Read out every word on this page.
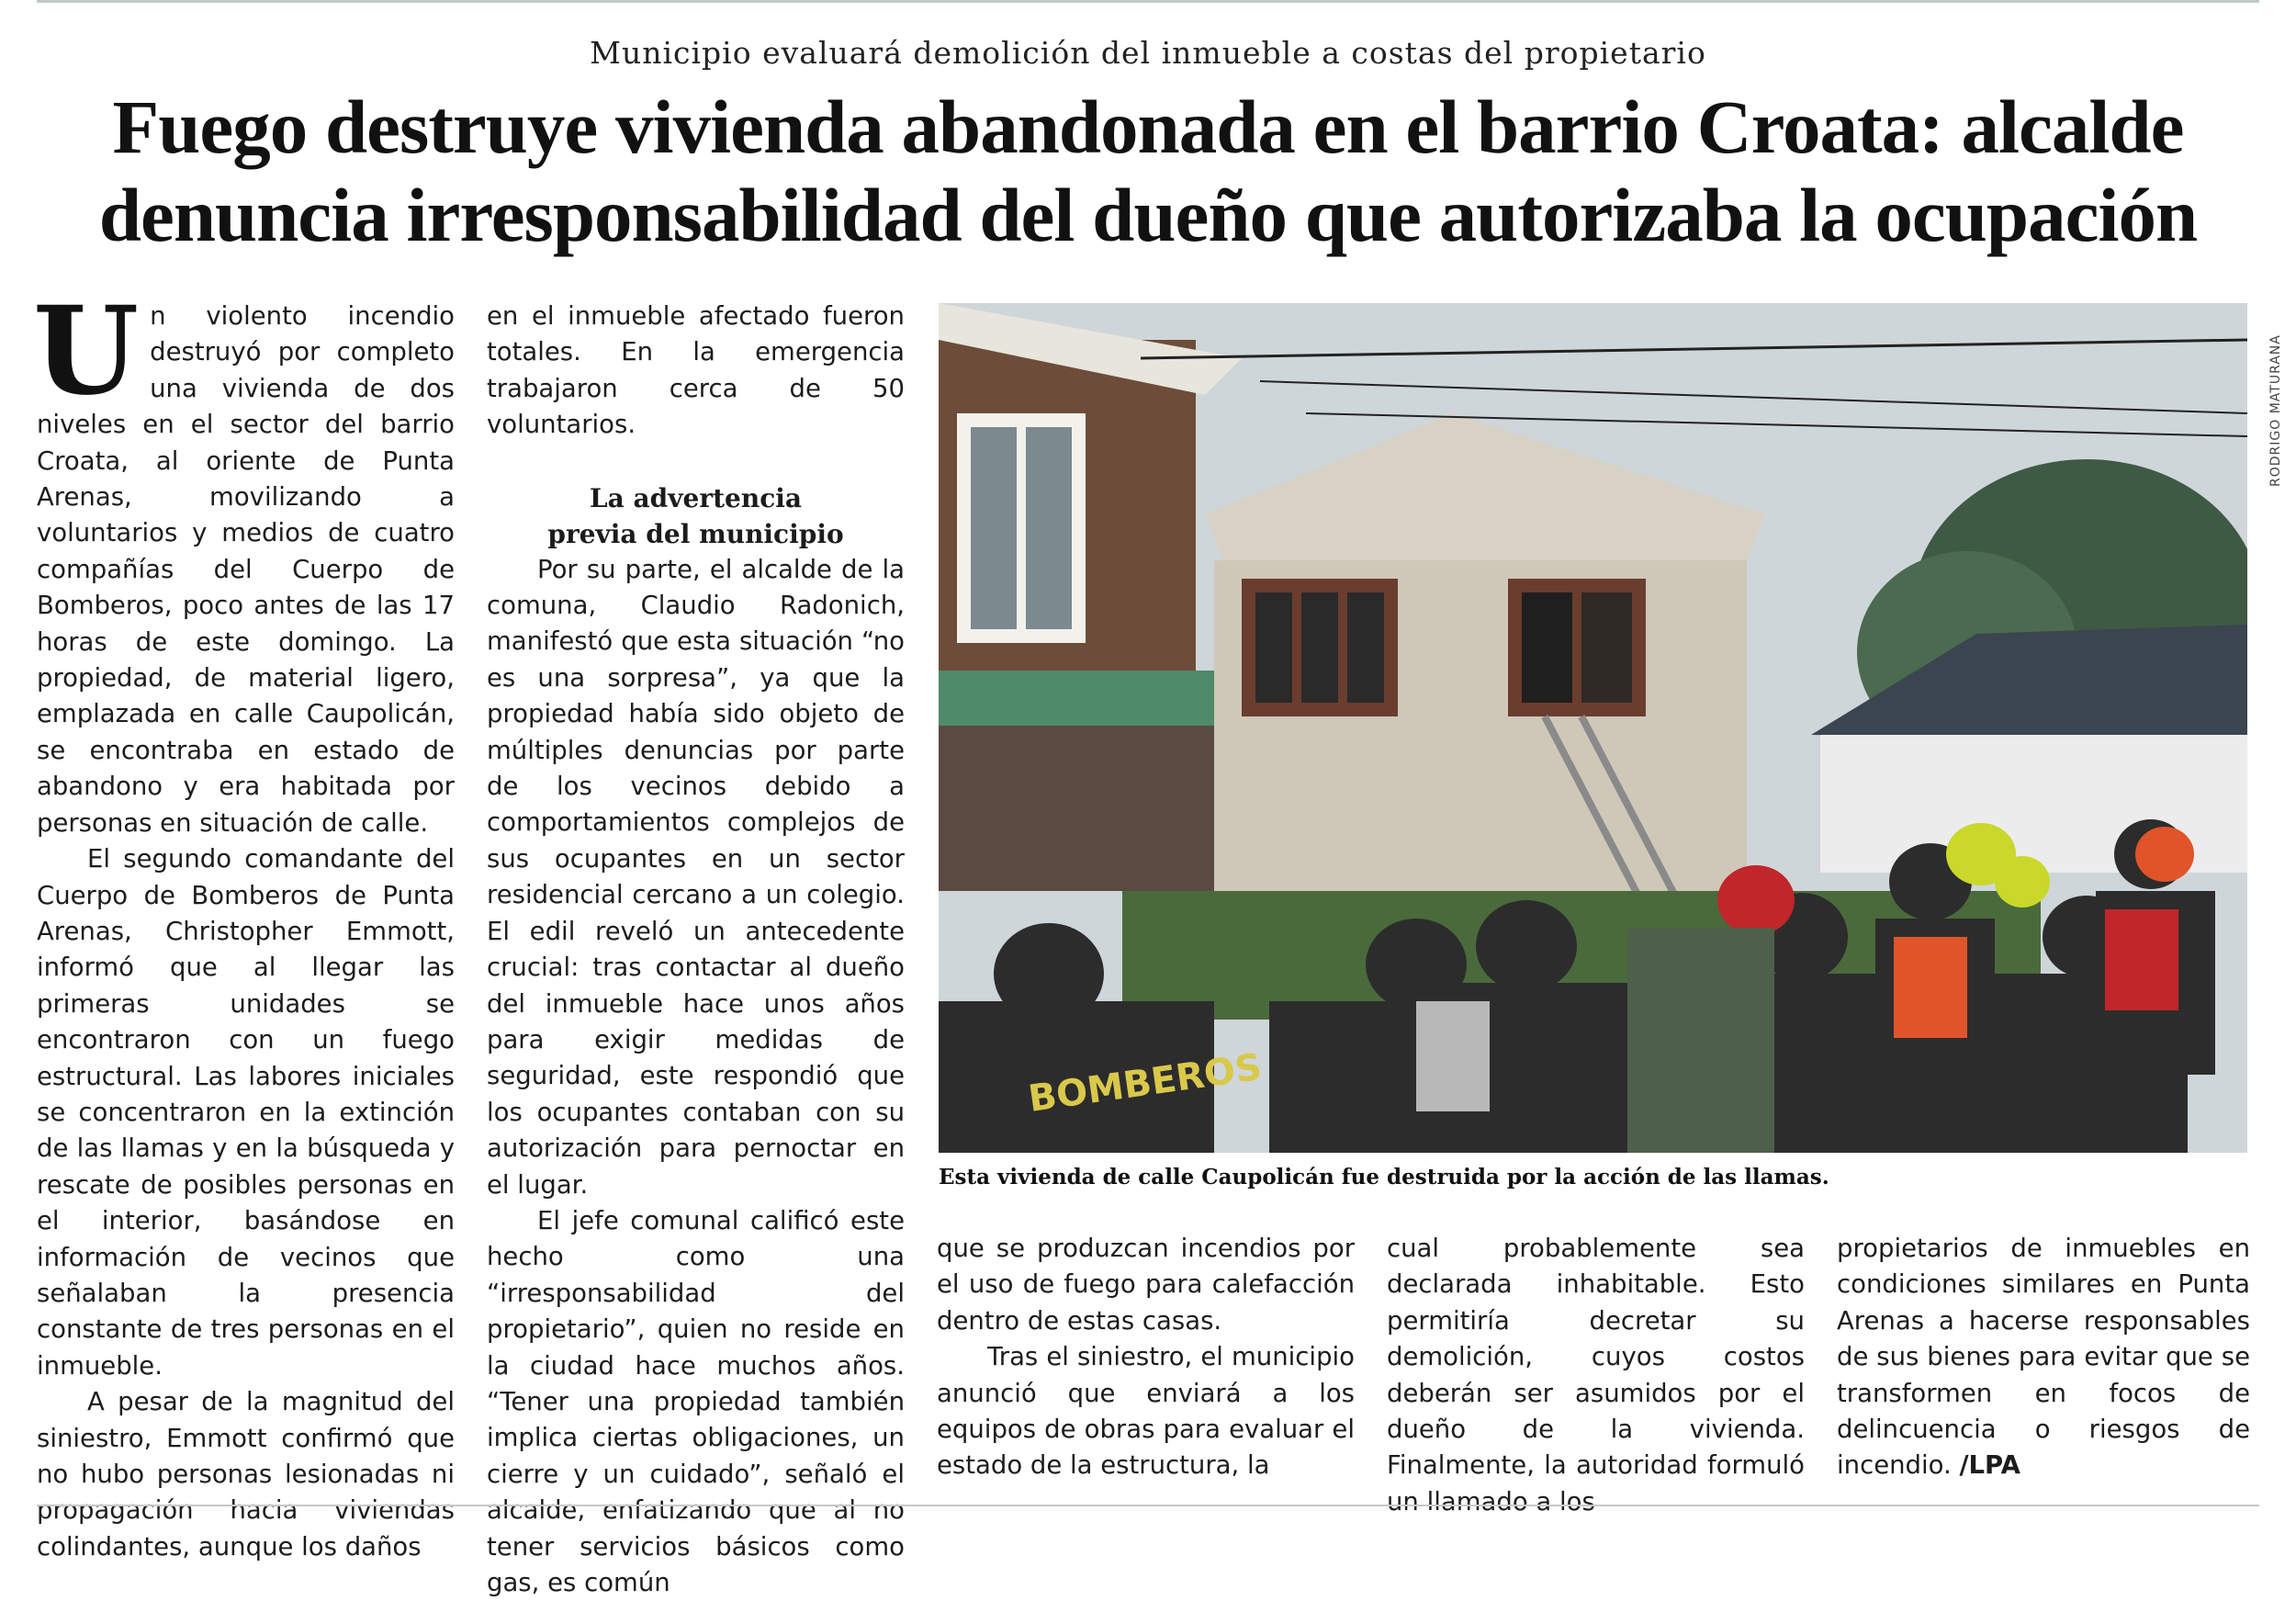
Municipio evaluará demolición del inmueble a costas del propietario
Fuego destruye vivienda abandonada en el barrio Croata: alcalde
denuncia irresponsabilidad del dueño que autorizaba la ocupación

Un violento incendio destruyó por completo una vivienda de dos niveles en el sector del barrio Croata, al oriente de Punta Arenas, movilizando a voluntarios y medios de cuatro compañías del Cuerpo de Bomberos, poco antes de las 17 horas de este domingo. La propiedad, de material ligero, emplazada en calle Caupolicán, se encontraba en estado de abandono y era habitada por personas en situación de calle.

El segundo comandante del Cuerpo de Bomberos de Punta Arenas, Christopher Emmott, informó que al llegar las primeras unidades se encontraron con un fuego estructural. Las labores iniciales se concentraron en la extinción de las llamas y en la búsqueda y rescate de posibles personas en el interior, basándose en información de vecinos que señalaban la presencia constante de tres personas en el inmueble.

A pesar de la magnitud del siniestro, Emmott confirmó que no hubo personas lesionadas ni propagación hacia viviendas colindantes, aunque los daños

en el inmueble afectado fueron totales. En la emergencia trabajaron cerca de 50 voluntarios.

La advertencia
previa del municipio

Por su parte, el alcalde de la comuna, Claudio Radonich, manifestó que esta situación “no es una sorpresa”, ya que la propiedad había sido objeto de múltiples denuncias por parte de los vecinos debido a comportamientos complejos de sus ocupantes en un sector residencial cercano a un colegio. El edil reveló un antecedente crucial: tras contactar al dueño del inmueble hace unos años para exigir medidas de seguridad, este respondió que los ocupantes contaban con su autorización para pernoctar en el lugar.

El jefe comunal calificó este hecho como una “irresponsabilidad del propietario”, quien no reside en la ciudad hace muchos años. “Tener una propiedad también implica ciertas obligaciones, un cierre y un cuidado”, señaló el alcalde, enfatizando que al no tener servicios básicos como gas, es común

BOMBEROS
RODRIGO MATURANA
Esta vivienda de calle Caupolicán fue destruida por la acción de las llamas.

que se produzcan incendios por el uso de fuego para calefacción dentro de estas casas.

Tras el siniestro, el municipio anunció que enviará a los equipos de obras para evaluar el estado de la estructura, la

cual probablemente sea declarada inhabitable. Esto permitiría decretar su demolición, cuyos costos deberán ser asumidos por el dueño de la vivienda. Finalmente, la autoridad formuló un llamado a los

propietarios de inmuebles en condiciones similares en Punta Arenas a hacerse responsables de sus bienes para evitar que se transformen en focos de delincuencia o riesgos de incendio. /LPA
